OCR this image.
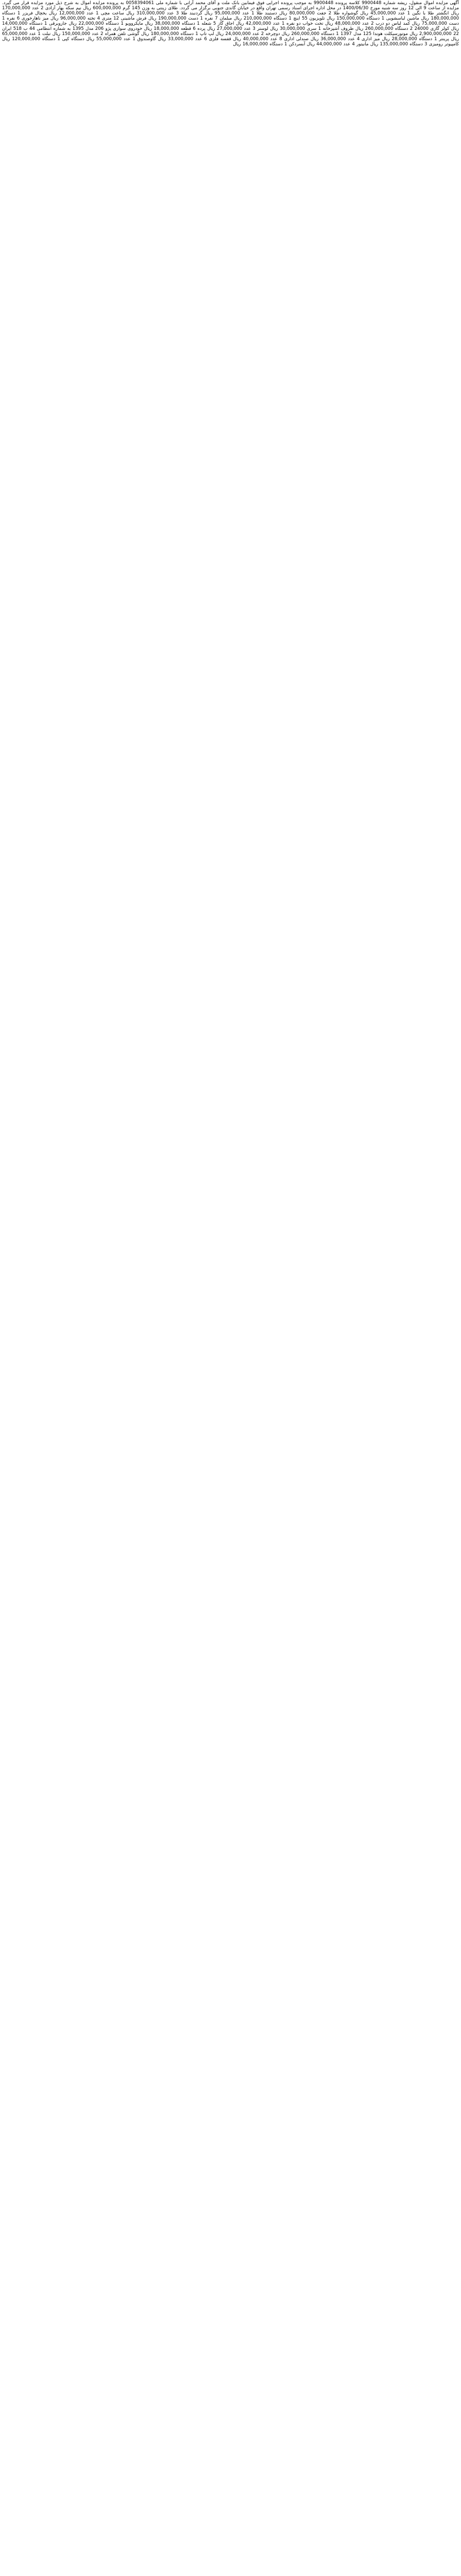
آگهی مزایده اموال منقول، ریشه شماره 9900448 کلاسه پرونده 9900448 به موجب پرونده اجرایی فوق فیمابین بانک ملت و آقای محمد آرانی با شماره ملی 0058394061 به پرونده مزایده اموال به شرح ذیل مورد مزایده قرار می گیرد. مزایده از ساعت 9 الی 12 روز سه شنبه مورخ 1400/06/30 در محل اداره اجرای اسناد رسمی تهران واقع در خیابان گاندی جنوبی برگزار می گردد. طلای زینتی به وزن 145 گرم 600,000,000 ریال نیم سکه بهار آزادی 2 عدد 170,000,000 ریال انگشتر طلا با نگین 1 عدد 45,000,000 ریال گوشواره طلا 2 جفت 80,000,000 ریال دستبند طلا 1 عدد 95,000,000 ریال گردنبند طلا 3 عدد 310,000,000 ریال ساعت مچی 1 عدد 12,000,000 ریال یخچال فریزر 1 دستگاه 180,000,000 ریال ماشین لباسشویی 1 دستگاه 150,000,000 ریال تلویزیون 55 اینچ 1 دستگاه 210,000,000 ریال مبلمان 7 نفره 1 دست 190,000,000 ریال فرش ماشینی 12 متری 4 تخته 96,000,000 ریال میز ناهارخوری 6 نفره 1 دست 75,000,000 ریال کمد لباس دو درب 2 عدد 48,000,000 ریال تخت خواب دو نفره 1 عدد 42,000,000 ریال اجاق گاز 5 شعله 1 دستگاه 38,000,000 ریال مایکروویو 1 دستگاه 22,000,000 ریال جاروبرقی 1 دستگاه 14,000,000 ریال کولر گازی 24000 2 دستگاه 260,000,000 ریال ظروف آشپزخانه 1 سری 30,000,000 ریال لوستر 3 عدد 27,000,000 ریال پرده 6 قطعه 18,000,000 ریال خودروی سواری پژو 206 مدل 1395 به شماره انتظامی 44 ب 518 ایران 22 2,900,000,000 ریال موتورسیکلت هوندا 125 مدل 1397 1 دستگاه 260,000,000 ریال دوچرخه 2 عدد 24,000,000 ریال لپ تاپ 1 دستگاه 180,000,000 ریال گوشی تلفن همراه 2 عدد 150,000,000 ریال تبلت 1 عدد 65,000,000 ریال پرینتر 1 دستگاه 28,000,000 ریال میز اداری 4 عدد 36,000,000 ریال صندلی اداری 8 عدد 40,000,000 ریال قفسه فلزی 6 عدد 33,000,000 ریال گاوصندوق 1 عدد 55,000,000 ریال دستگاه کپی 1 دستگاه 120,000,000 ریال کامپیوتر رومیزی 3 دستگاه 135,000,000 ریال مانیتور 4 عدد 44,000,000 ریال آبسردکن 1 دستگاه 16,000,000 ریال
